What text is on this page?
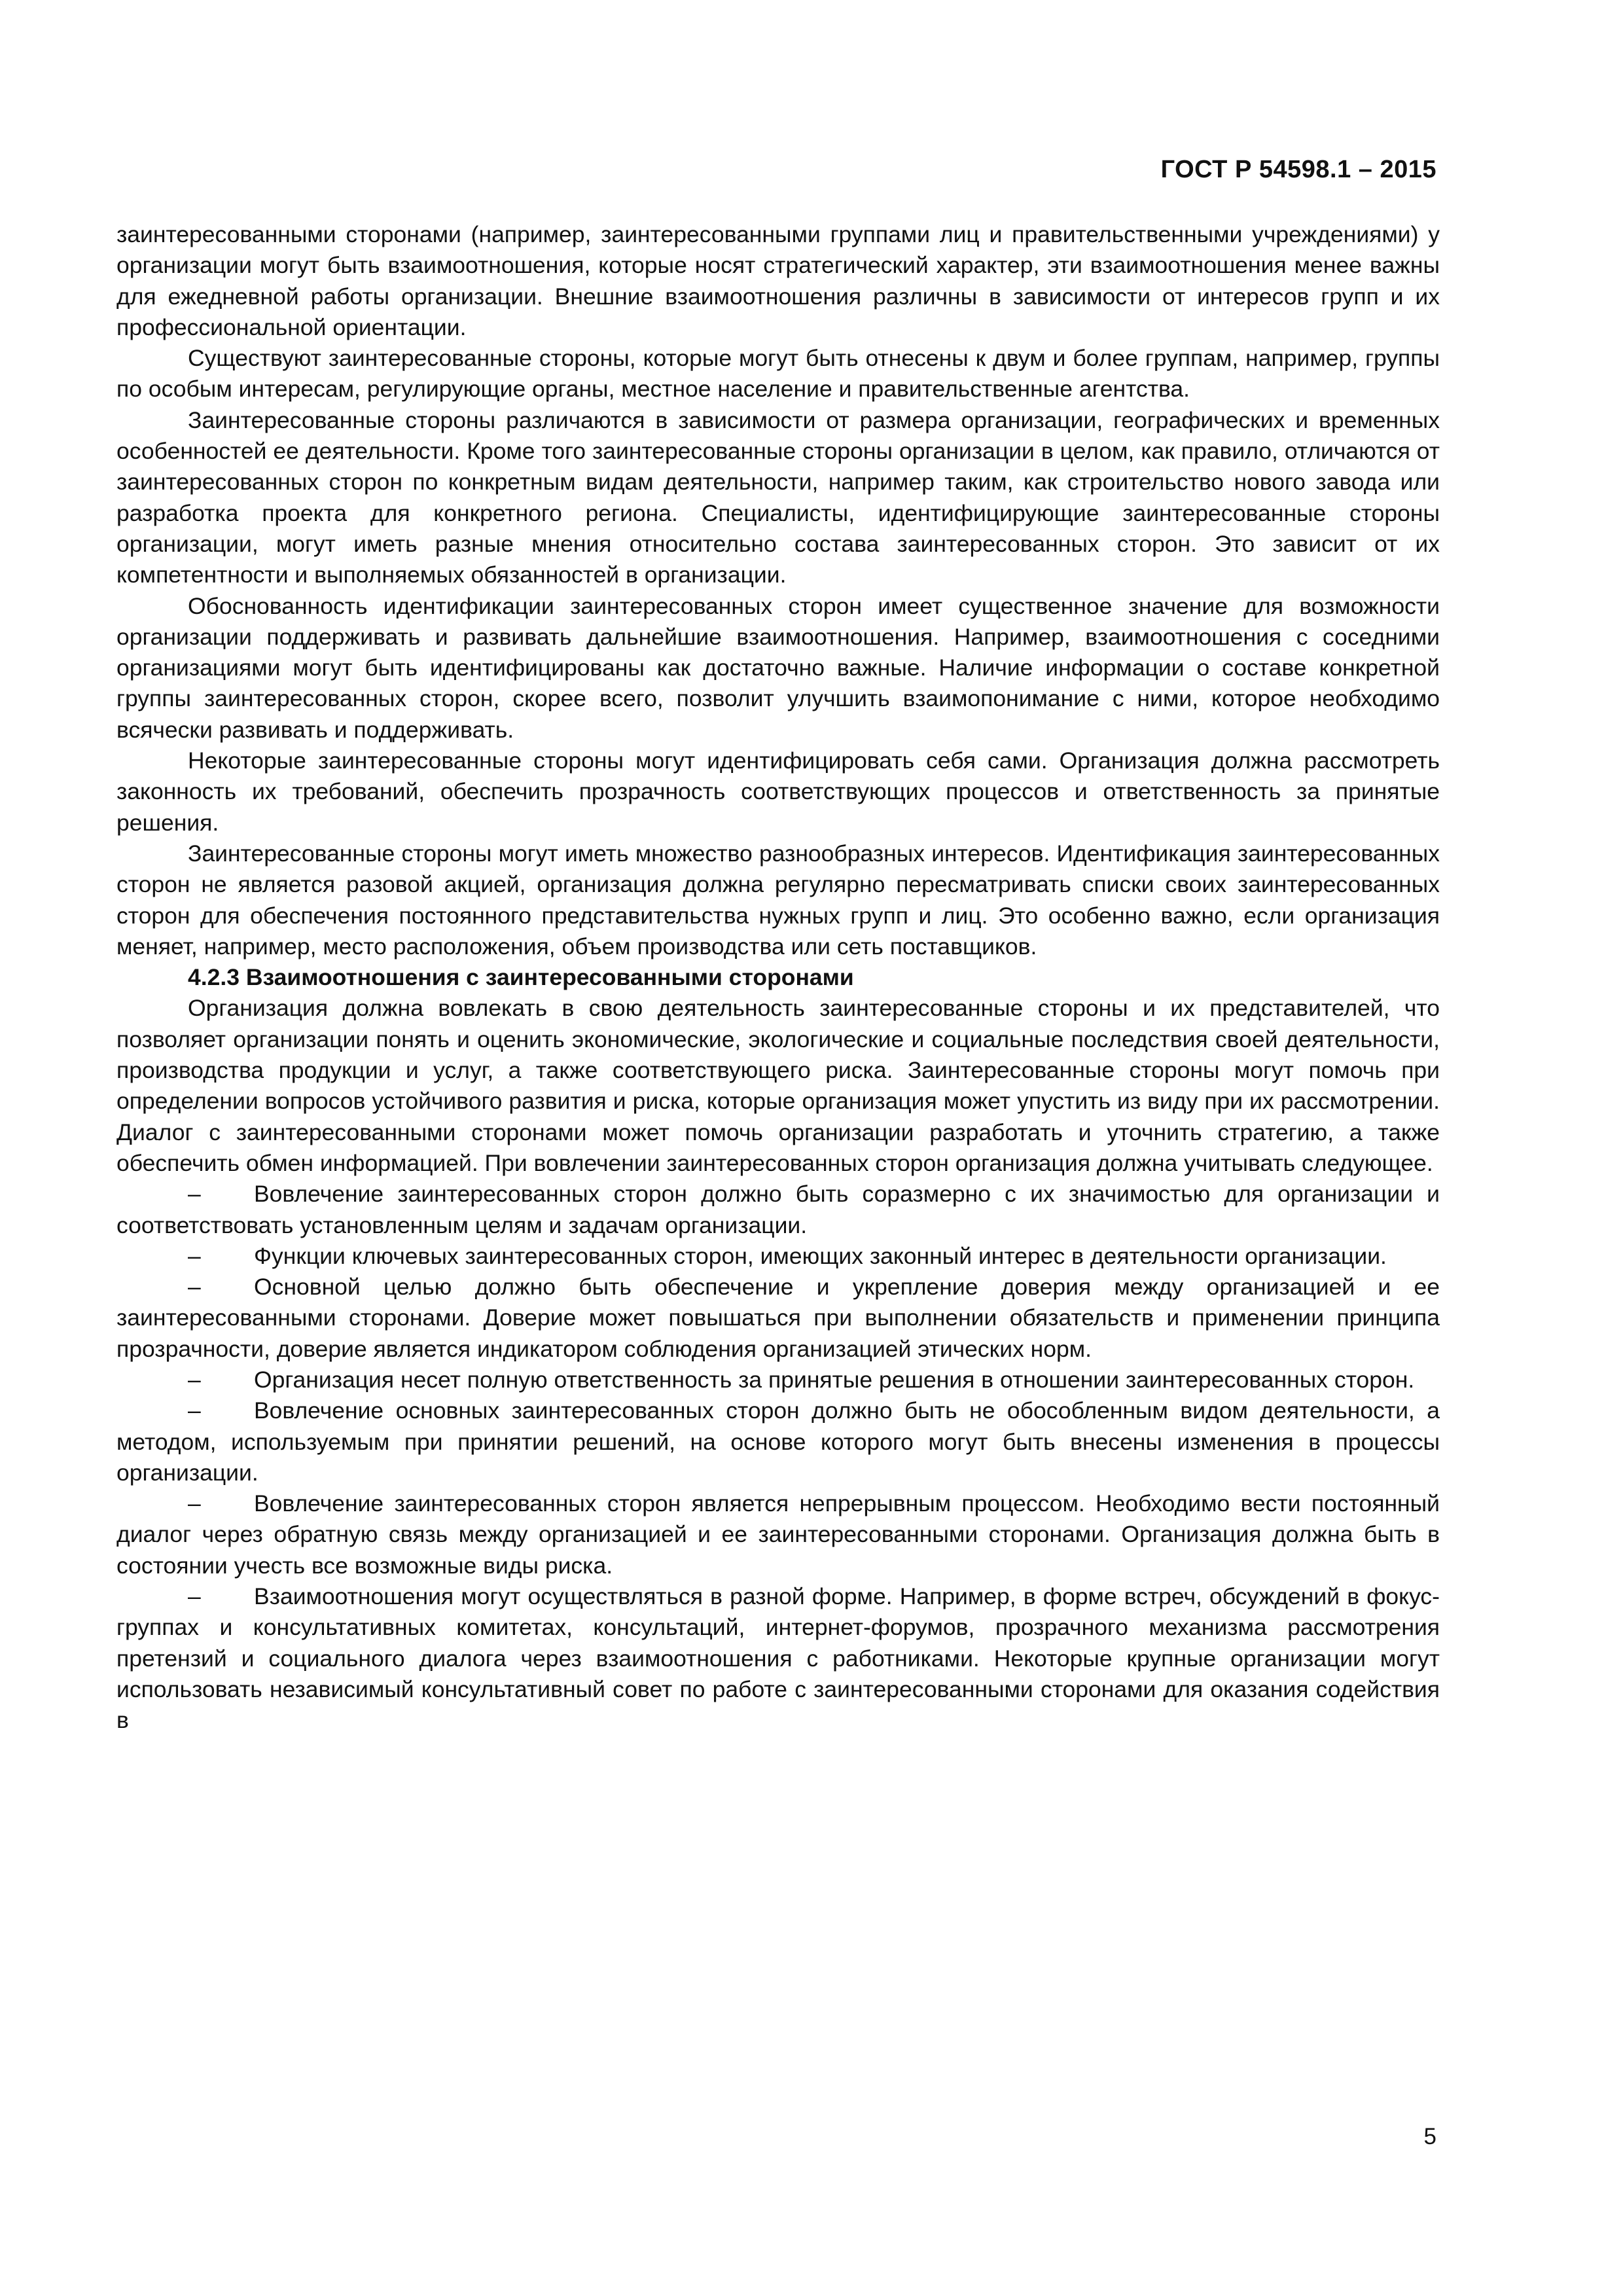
ГОСТ Р 54598.1 – 2015

заинтересованными сторонами (например, заинтересованными группами лиц и правительственными учреждениями) у организации могут быть взаимоотношения, которые носят стратегический характер, эти взаимоотношения менее важны для ежедневной работы организации. Внешние взаимоотношения различны в зависимости от интересов групп и их профессиональной ориентации.

Существуют заинтересованные стороны, которые могут быть отнесены к двум и более группам, например, группы по особым интересам, регулирующие органы, местное население и правительственные агентства.

Заинтересованные стороны различаются в зависимости от размера организации, географических и временных особенностей ее деятельности. Кроме того заинтересованные стороны организации в целом, как правило, отличаются от заинтересованных сторон по конкретным видам деятельности, например таким, как строительство нового завода или разработка проекта для конкретного региона. Специалисты, идентифицирующие заинтересованные стороны организации, могут иметь разные мнения относительно состава заинтересованных сторон. Это зависит от их компетентности и выполняемых обязанностей в организации.

Обоснованность идентификации заинтересованных сторон имеет существенное значение для возможности организации поддерживать и развивать дальнейшие взаимоотношения. Например, взаимоотношения с соседними организациями могут быть идентифицированы как достаточно важные. Наличие информации о составе конкретной группы заинтересованных сторон, скорее всего, позволит улучшить взаимопонимание с ними, которое необходимо всячески развивать и поддерживать.

Некоторые заинтересованные стороны могут идентифицировать себя сами. Организация должна рассмотреть законность их требований, обеспечить прозрачность соответствующих процессов и ответственность за принятые решения.

Заинтересованные стороны могут иметь множество разнообразных интересов. Идентификация заинтересованных сторон не является разовой акцией, организация должна регулярно пересматривать списки своих заинтересованных сторон для обеспечения постоянного представительства нужных групп и лиц. Это особенно важно, если организация меняет, например, место расположения, объем производства или сеть поставщиков.

4.2.3 Взаимоотношения с заинтересованными сторонами

Организация должна вовлекать в свою деятельность заинтересованные стороны и их представителей, что позволяет организации понять и оценить экономические, экологические и социальные последствия своей деятельности, производства продукции и услуг, а также соответствующего риска. Заинтересованные стороны могут помочь при определении вопросов устойчивого развития и риска, которые организация может упустить из виду при их рассмотрении. Диалог с заинтересованными сторонами может помочь организации разработать и уточнить стратегию, а также обеспечить обмен информацией. При вовлечении заинтересованных сторон организация должна учитывать следующее.

– Вовлечение заинтересованных сторон должно быть соразмерно с их значимостью для организации и соответствовать установленным целям и задачам организации.

– Функции ключевых заинтересованных сторон, имеющих законный интерес в деятельности организации.

– Основной целью должно быть обеспечение и укрепление доверия между организацией и ее заинтересованными сторонами. Доверие может повышаться при выполнении обязательств и применении принципа прозрачности, доверие является индикатором соблюдения организацией этических норм.

– Организация несет полную ответственность за принятые решения в отношении заинтересованных сторон.

– Вовлечение основных заинтересованных сторон должно быть не обособленным видом деятельности, а методом, используемым при принятии решений, на основе которого могут быть внесены изменения в процессы организации.

– Вовлечение заинтересованных сторон является непрерывным процессом. Необходимо вести постоянный диалог через обратную связь между организацией и ее заинтересованными сторонами. Организация должна быть в состоянии учесть все возможные виды риска.

– Взаимоотношения могут осуществляться в разной форме. Например, в форме встреч, обсуждений в фокус-группах и консультативных комитетах, консультаций, интернет-форумов, прозрачного механизма рассмотрения претензий и социального диалога через взаимоотношения с работниками. Некоторые крупные организации могут использовать независимый консультативный совет по работе с заинтересованными сторонами для оказания содействия в

5
